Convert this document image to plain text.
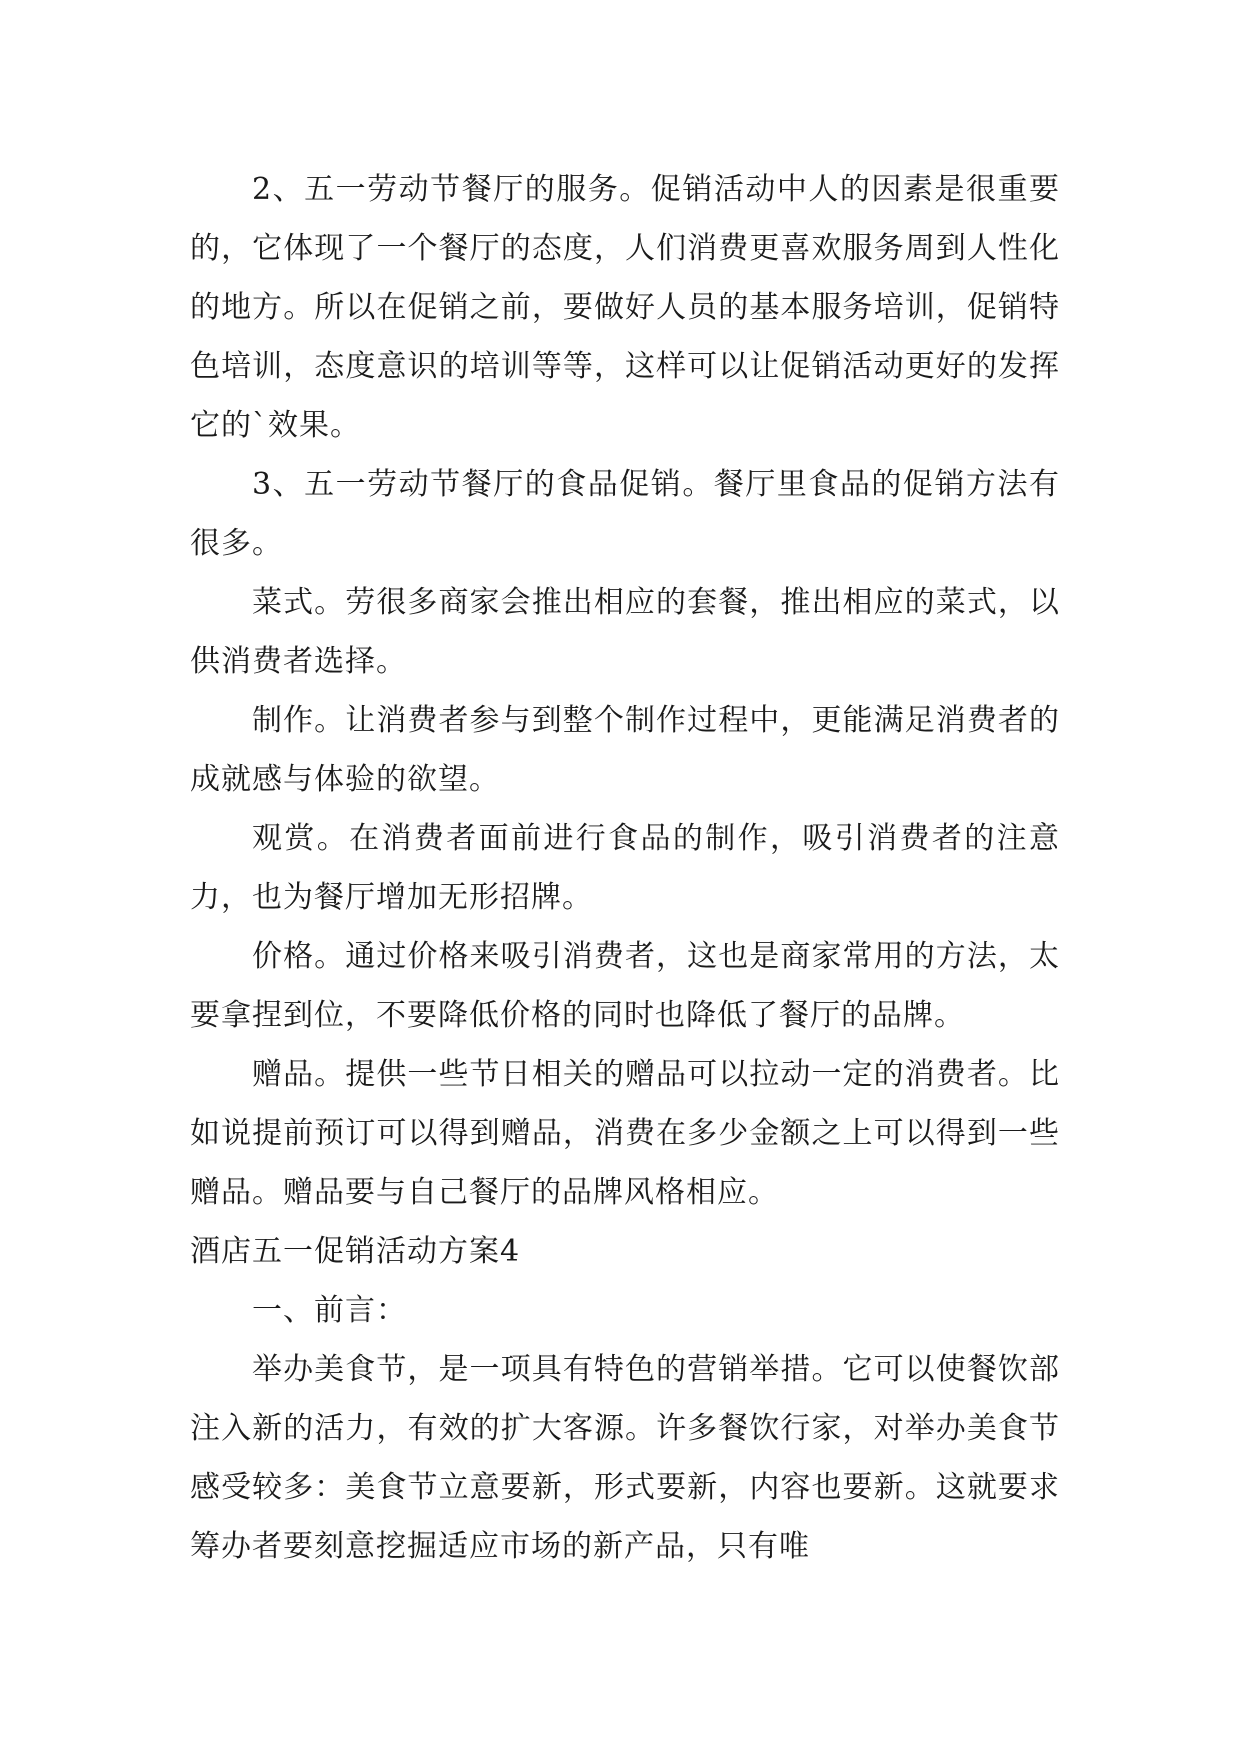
2、五一劳动节餐厅的服务。促销活动中人的因素是很重要的，它体现了一个餐厅的态度，人们消费更喜欢服务周到人性化的地方。所以在促销之前，要做好人员的基本服务培训，促销特色培训，态度意识的培训等等，这样可以让促销活动更好的发挥它的`效果。

3、五一劳动节餐厅的食品促销。餐厅里食品的促销方法有很多。

菜式。劳很多商家会推出相应的套餐，推出相应的菜式，以供消费者选择。

制作。让消费者参与到整个制作过程中，更能满足消费者的成就感与体验的欲望。

观赏。在消费者面前进行食品的制作，吸引消费者的注意力，也为餐厅增加无形招牌。

价格。通过价格来吸引消费者，这也是商家常用的方法，太要拿捏到位，不要降低价格的同时也降低了餐厅的品牌。

赠品。提供一些节日相关的赠品可以拉动一定的消费者。比如说提前预订可以得到赠品，消费在多少金额之上可以得到一些赠品。赠品要与自己餐厅的品牌风格相应。

酒店五一促销活动方案4

一、前言：

举办美食节，是一项具有特色的营销举措。它可以使餐饮部注入新的活力，有效的扩大客源。许多餐饮行家，对举办美食节感受较多：美食节立意要新，形式要新，内容也要新。这就要求筹办者要刻意挖掘适应市场的新产品，只有唯
